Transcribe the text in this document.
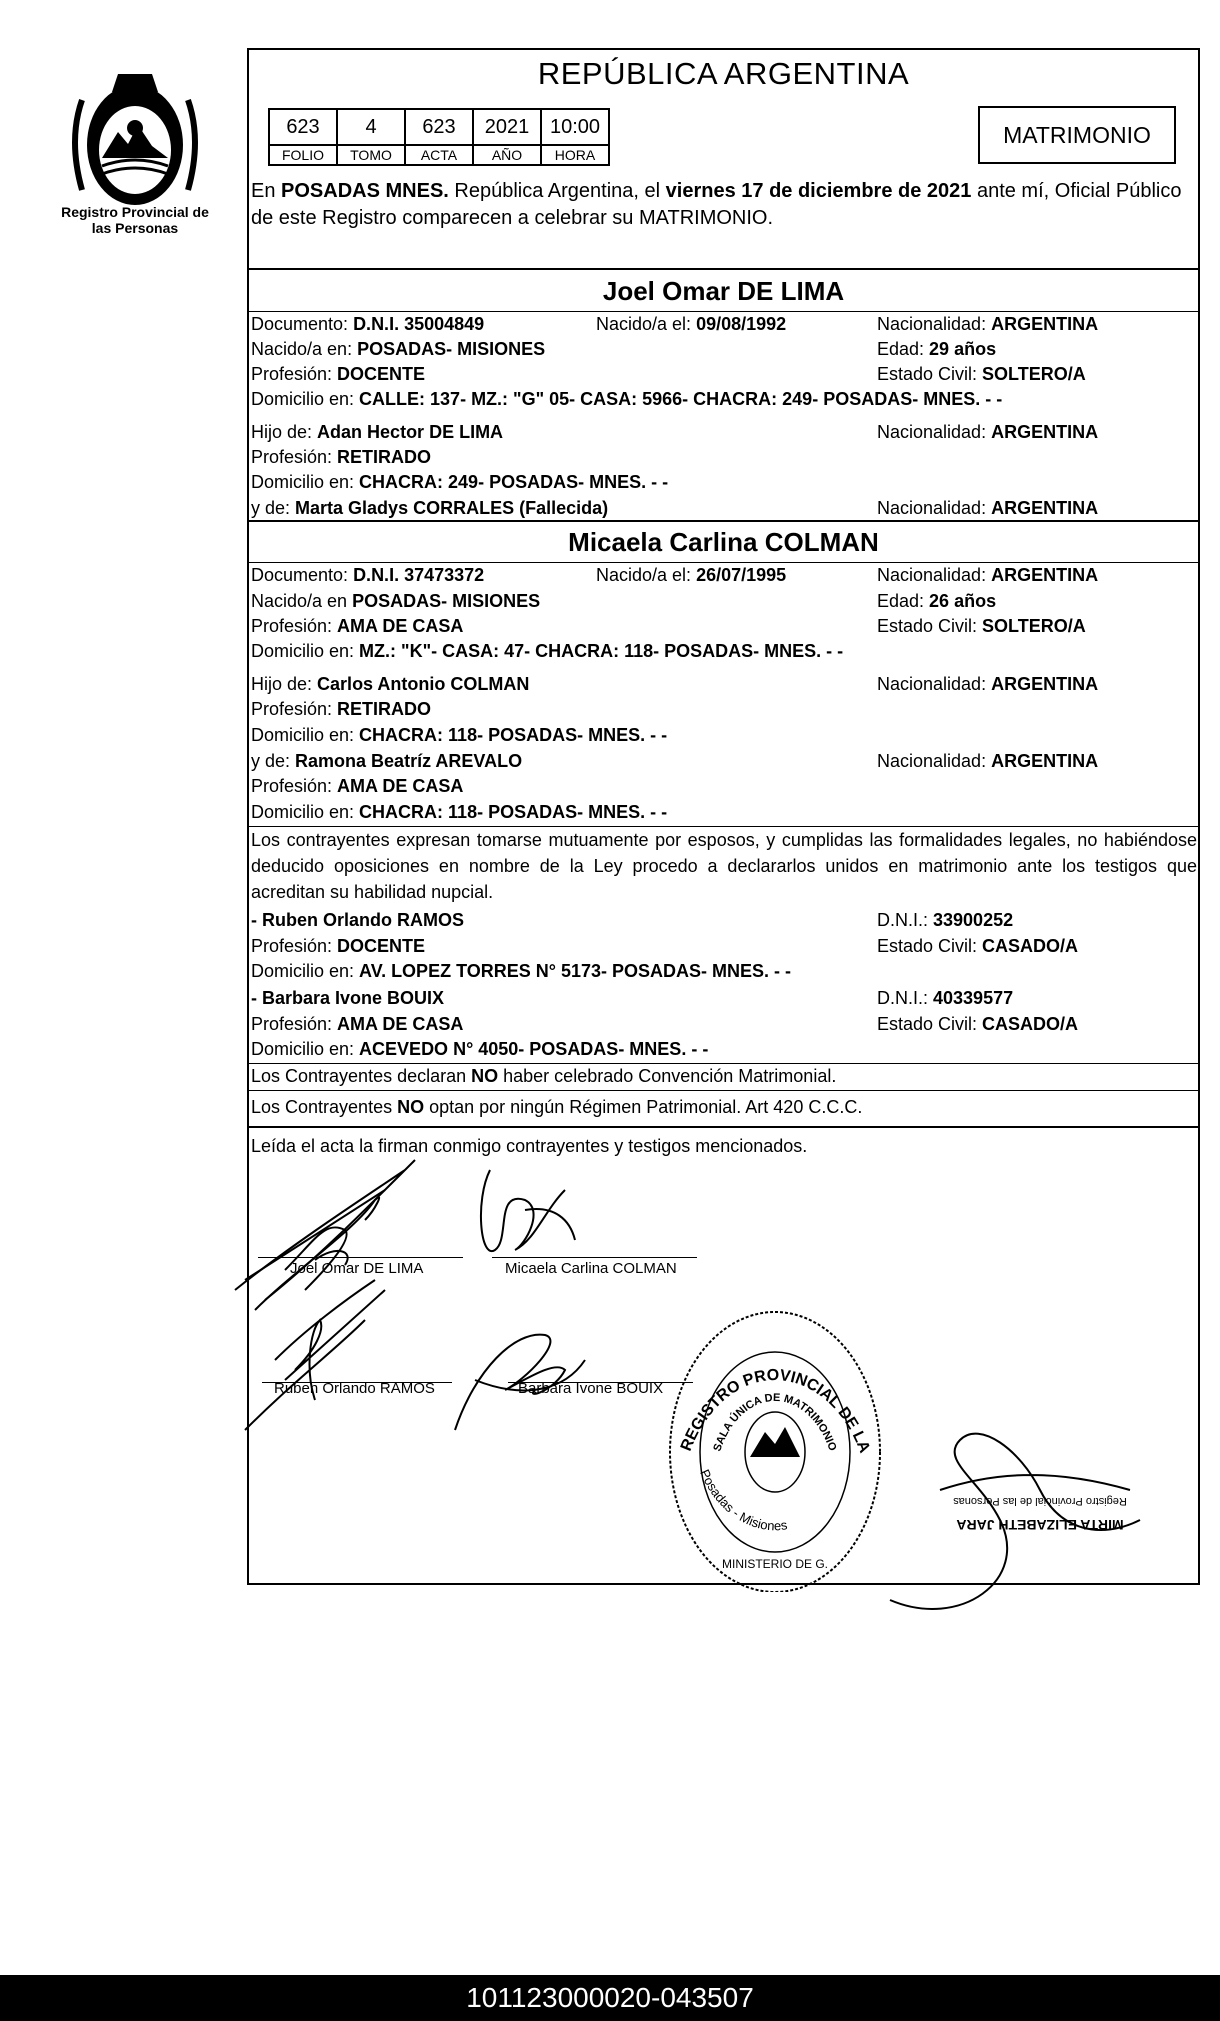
Registro Provincial de las Personas
REPÚBLICA ARGENTINA
623	4	623	2021	10:00
FOLIO	TOMO	ACTA	AÑO	HORA
MATRIMONIO
En POSADAS MNES. República Argentina, el viernes 17 de diciembre de 2021 ante mí, Oficial Público de este Registro comparecen a celebrar su MATRIMONIO.
Joel Omar DE LIMA
Documento: D.N.I. 35004849	Nacido/a el: 09/08/1992	Nacionalidad: ARGENTINA
Nacido/a en: POSADAS- MISIONES	Edad: 29 años
Profesión: DOCENTE	Estado Civil: SOLTERO/A
Domicilio en: CALLE: 137- MZ.: "G" 05- CASA: 5966- CHACRA: 249- POSADAS- MNES. - -
Hijo de: Adan Hector DE LIMA	Nacionalidad: ARGENTINA
Profesión: RETIRADO
Domicilio en: CHACRA: 249- POSADAS- MNES. - -
y de: Marta Gladys CORRALES (Fallecida)	Nacionalidad: ARGENTINA
Micaela Carlina COLMAN
Documento: D.N.I. 37473372	Nacido/a el: 26/07/1995	Nacionalidad: ARGENTINA
Nacido/a en POSADAS- MISIONES	Edad: 26 años
Profesión: AMA DE CASA	Estado Civil: SOLTERO/A
Domicilio en: MZ.: "K"- CASA: 47- CHACRA: 118- POSADAS- MNES. - -
Hijo de: Carlos Antonio COLMAN	Nacionalidad: ARGENTINA
Profesión: RETIRADO
Domicilio en: CHACRA: 118- POSADAS- MNES. - -
y de: Ramona Beatríz AREVALO	Nacionalidad: ARGENTINA
Profesión: AMA DE CASA
Domicilio en: CHACRA: 118- POSADAS- MNES. - -
Los contrayentes expresan tomarse mutuamente por esposos, y cumplidas las formalidades legales, no habiéndose deducido oposiciones en nombre de la Ley procedo a declararlos unidos en matrimonio ante los testigos que acreditan su habilidad nupcial.
- Ruben Orlando RAMOS	D.N.I.: 33900252
Profesión: DOCENTE	Estado Civil: CASADO/A
Domicilio en: AV. LOPEZ TORRES N° 5173- POSADAS- MNES. - -
- Barbara Ivone BOUIX	D.N.I.: 40339577
Profesión: AMA DE CASA	Estado Civil: CASADO/A
Domicilio en: ACEVEDO N° 4050- POSADAS- MNES. - -
Los Contrayentes declaran NO haber celebrado Convención Matrimonial.
Los Contrayentes NO optan por ningún Régimen Patrimonial. Art 420 C.C.C.
Leída el acta la firman conmigo contrayentes y testigos mencionados.
Joel Omar DE LIMA	Micaela Carlina COLMAN
Ruben Orlando RAMOS	Barbara Ivone BOUIX
REGISTRO PROVINCIAL DE LA
SALA ÚNICA DE MATRIMONIO
Posadas - Misiones
MINISTERIO DE G.
MIRTA ELIZABETH JARA
Registro Provincial de las Personas
101123000020-043507
